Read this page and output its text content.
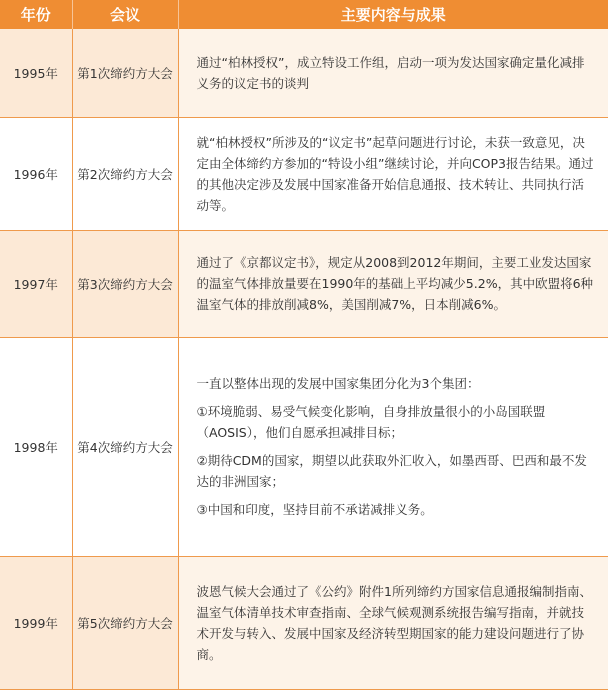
年份	会议	主要内容与成果
1995年	第1次缔约方大会	通过“柏林授权”，成立特设工作组，启动一项为发达国家确定量化减排义务的议定书的谈判

1996年	第2次缔约方大会	就“柏林授权”所涉及的“议定书”起草问题进行讨论，未获一致意见，决定由全体缔约方参加的“特设小组”继续讨论，并向COP3报告结果。通过的其他决定涉及发展中国家准备开始信息通报、技术转让、共同执行活动等。

1997年	第3次缔约方大会	通过了《京都议定书》，规定从2008到2012年期间，主要工业发达国家的温室气体排放量要在1990年的基础上平均减少5.2%，其中欧盟将6种温室气体的排放削减8%，美国削减7%，日本削减6%。

1998年	第4次缔约方大会	一直以整体出现的发展中国家集团分化为3个集团：

①环境脆弱、易受气候变化影响，自身排放量很小的小岛国联盟（AOSIS），他们自愿承担减排目标；

②期待CDM的国家，期望以此获取外汇收入，如墨西哥、巴西和最不发达的非洲国家；

③中国和印度，坚持目前不承诺减排义务。

1999年	第5次缔约方大会	波恩气候大会通过了《公约》附件1所列缔约方国家信息通报编制指南、温室气体清单技术审查指南、全球气候观测系统报告编写指南，并就技术开发与转入、发展中国家及经济转型期国家的能力建设问题进行了协商。
